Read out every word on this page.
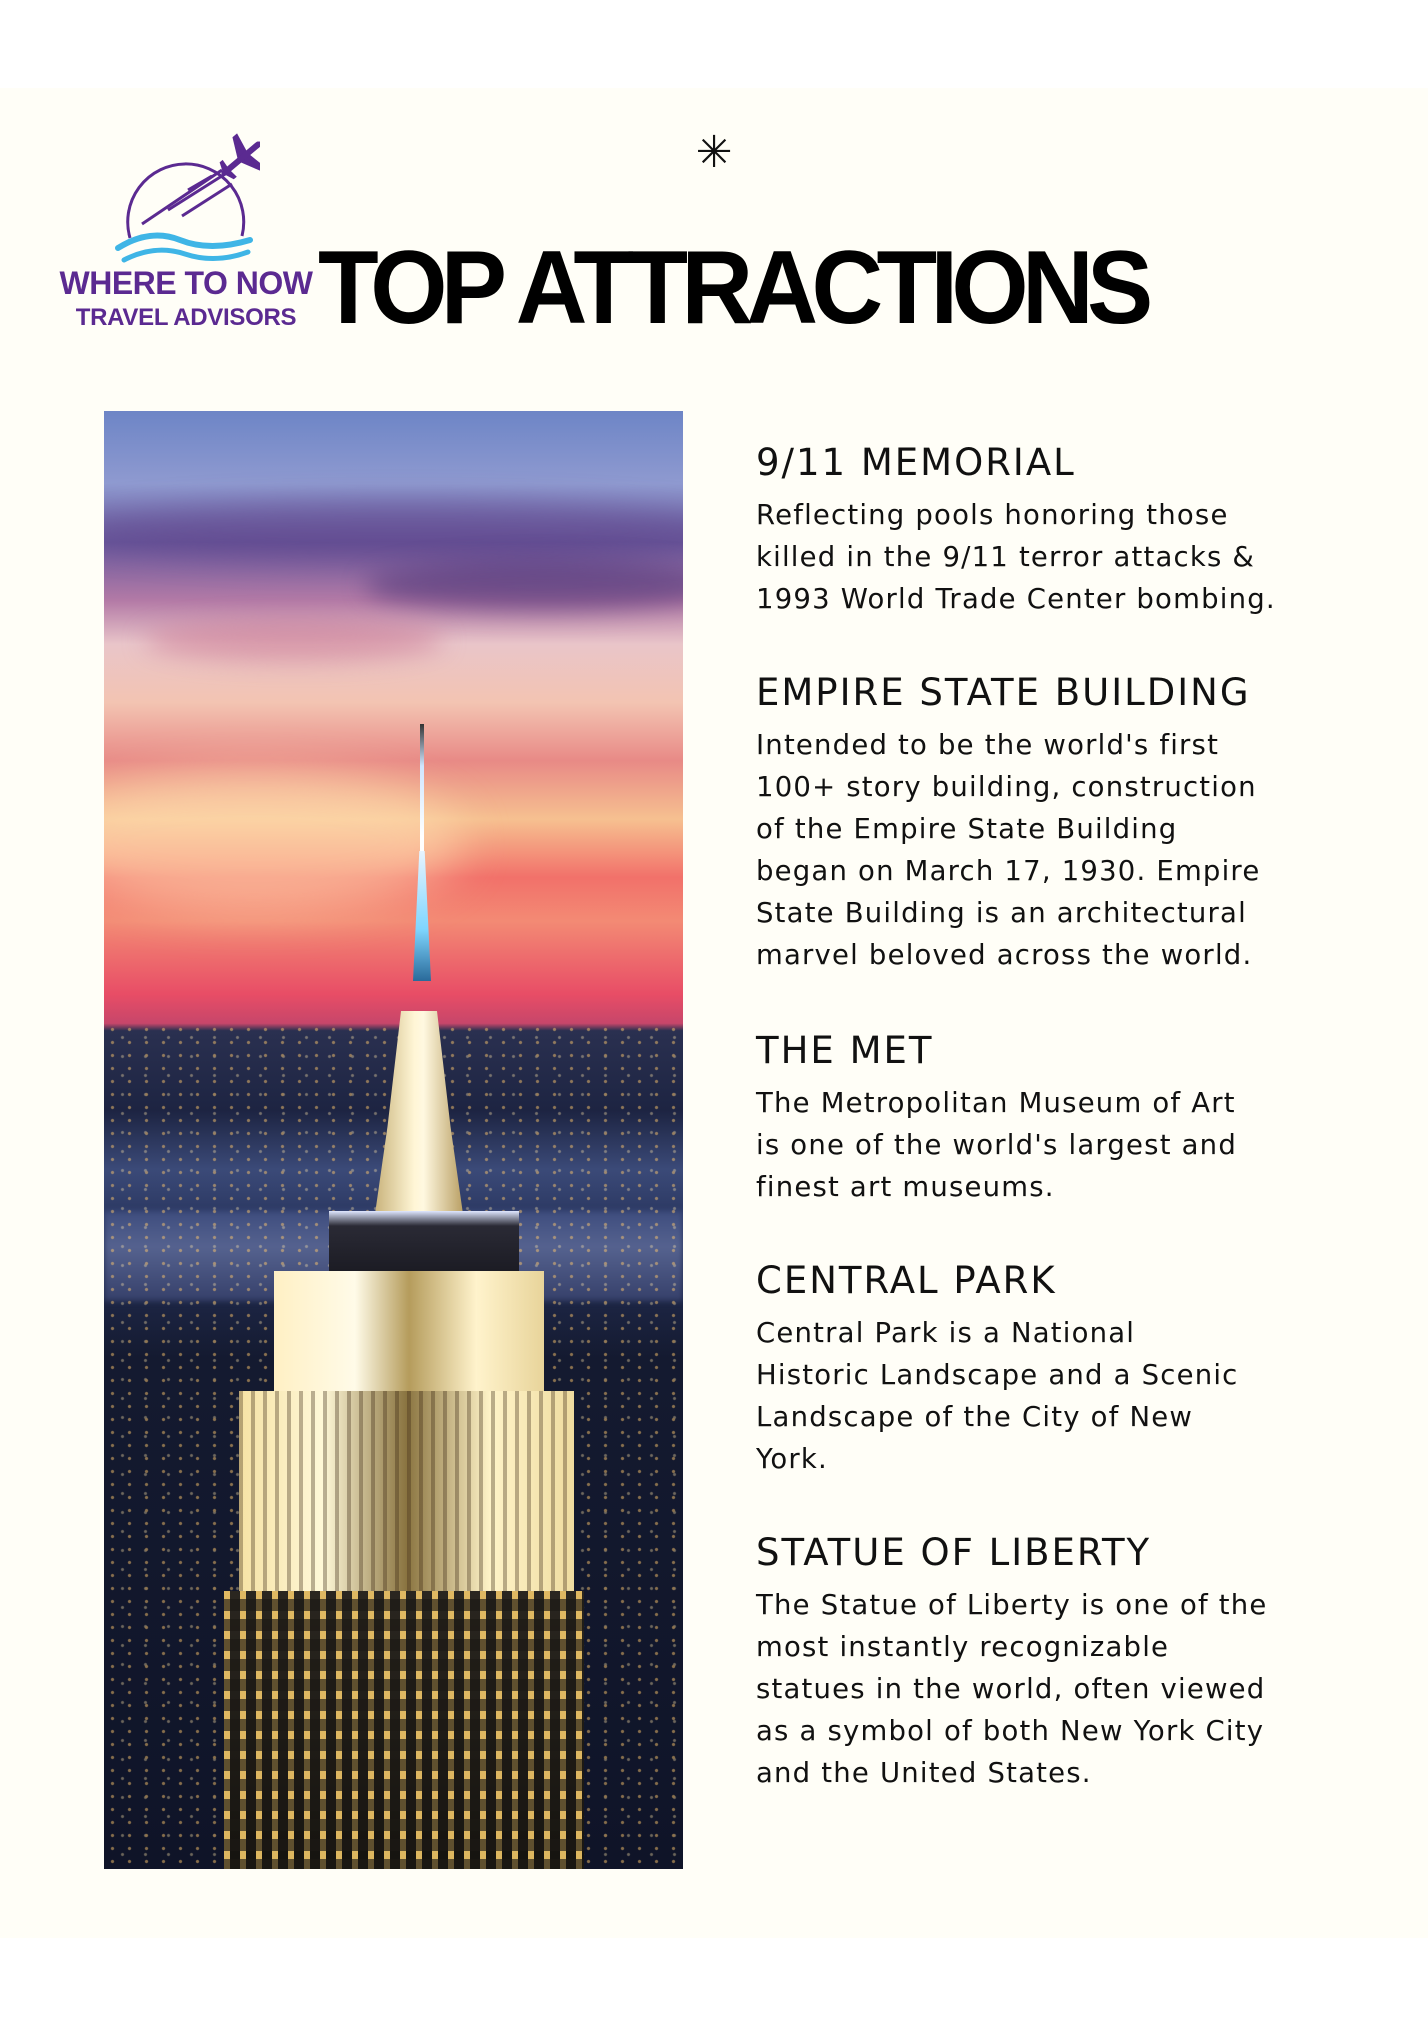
WHERE TO NOW
TRAVEL ADVISORS
✳
TOP ATTRACTIONS
9/11 MEMORIAL

Reflecting pools honoring those
killed in the 9/11 terror attacks &
1993 World Trade Center bombing.

EMPIRE STATE BUILDING

Intended to be the world's first
100+ story building, construction
of the Empire State Building
began on March 17, 1930. Empire
State Building is an architectural
marvel beloved across the world.

THE MET

The Metropolitan Museum of Art
is one of the world's largest and
finest art museums.

CENTRAL PARK

Central Park is a National
Historic Landscape and a Scenic
Landscape of the City of New
York.

STATUE OF LIBERTY

The Statue of Liberty is one of the
most instantly recognizable
statues in the world, often viewed
as a symbol of both New York City
and the United States.
